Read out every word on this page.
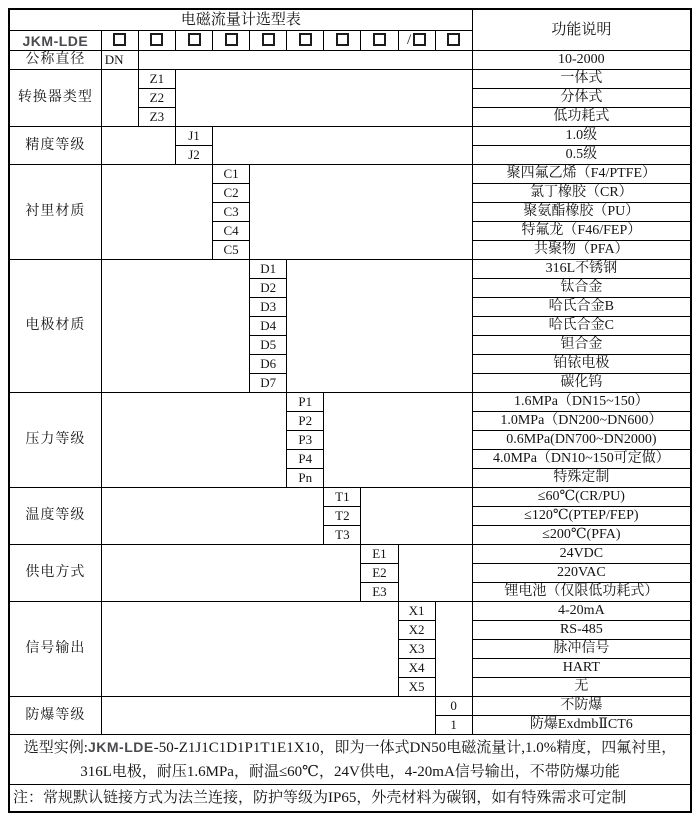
电磁流量计选型表											功能说明
JKM-LDE									/		
公称直径	DN										10-2000
转换器类型		Z1									一体式
		Z2									分体式
		Z3									低功耗式
精度等级			J1								1.0级
			J2								0.5级
衬里材质				C1							聚四氟乙烯（F4/PTFE）
				C2							氯丁橡胶（CR）
				C3							聚氨酯橡胶（PU）
				C4							特氟龙（F46/FEP）
				C5							共聚物（PFA）
电极材质					D1						316L不锈钢
					D2						钛合金
					D3						哈氏合金B
					D4						哈氏合金C
					D5						钽合金
					D6						铂铱电极
					D7						碳化钨
压力等级						P1					1.6MPa（DN15~150）
						P2					1.0MPa（DN200~DN600）
						P3					0.6MPa(DN700~DN2000)
						P4					4.0MPa（DN10~150可定做）
						Pn					特殊定制
温度等级							T1				≤60℃(CR/PU)
							T2				≤120℃(PTEP/FEP)
							T3				≤200℃(PFA)
供电方式								E1			24VDC
								E2			220VAC
								E3			锂电池（仅限低功耗式）
信号输出									X1		4-20mA
									X2		RS-485
									X3		脉冲信号
									X4		HART
									X5		无
防爆等级										0	不防爆
										1	防爆ExdmbⅡCT6

选型实例:JKM-LDE-50-Z1J1C1D1P1T1E1X10，即为一体式DN50电磁流量计,1.0%精度，四氟衬里，
316L电极，耐压1.6MPa，耐温≤60℃，24V供电，4-20mA信号输出，不带防爆功能											

注：常规默认链接方式为法兰连接，防护等级为IP65，外壳材料为碳钢，如有特殊需求可定制											
